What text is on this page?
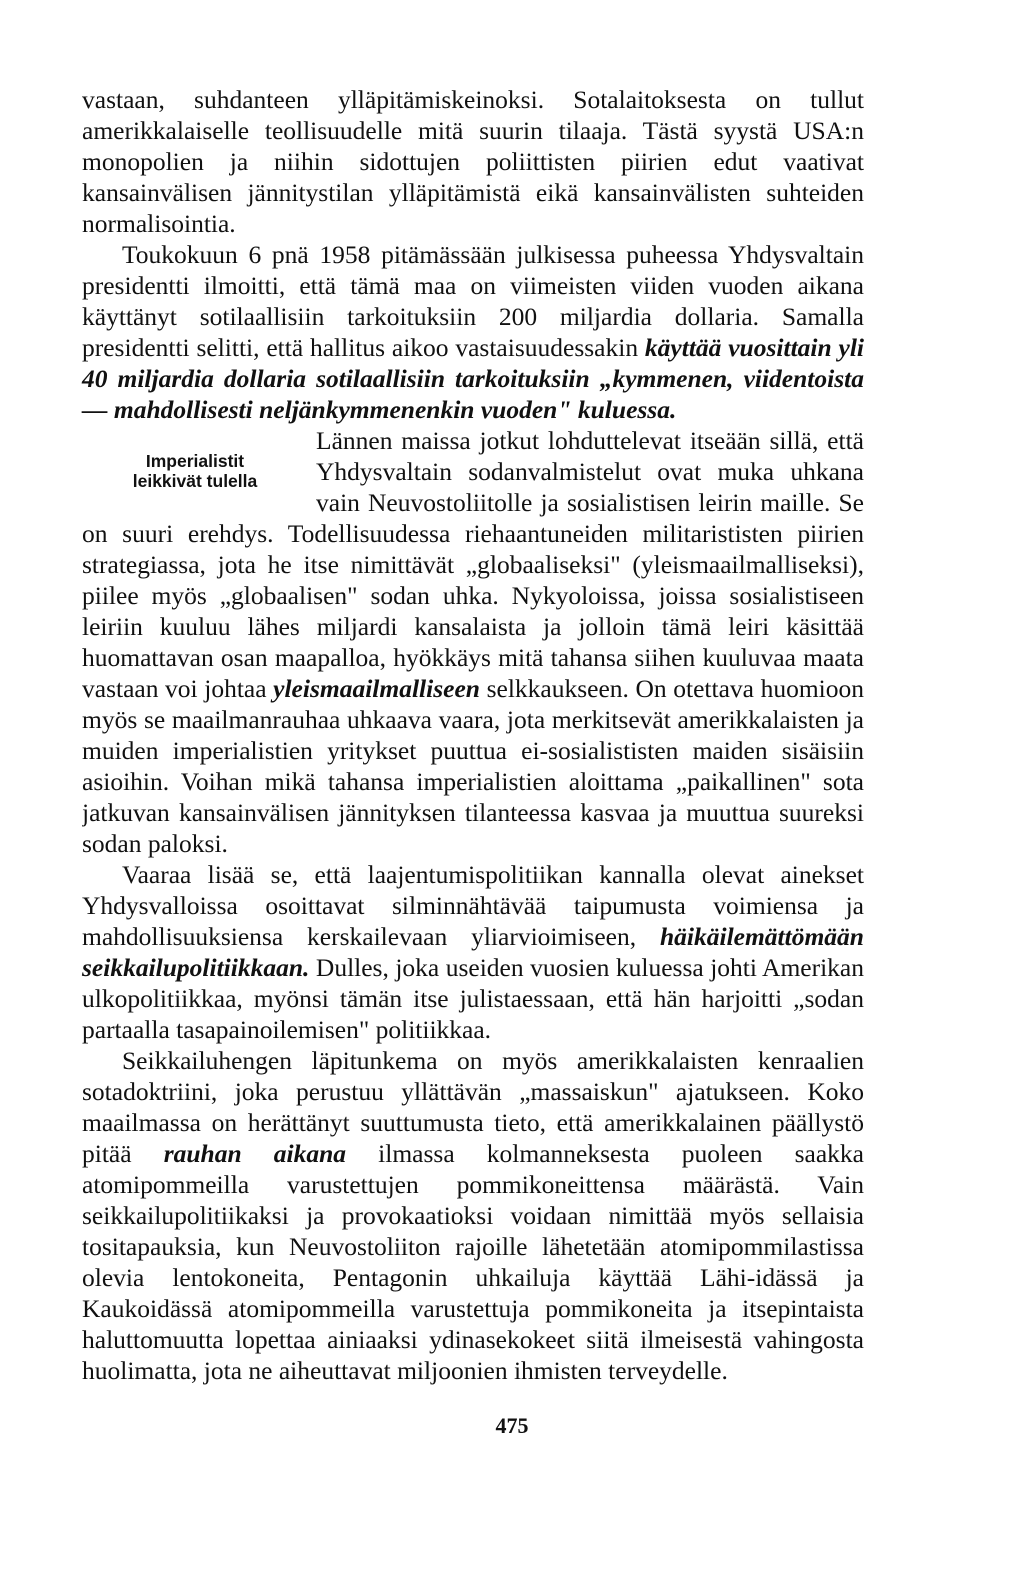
vastaan, suhdanteen ylläpitämiskeinoksi. Sotalaitoksesta on tullut amerikkalaiselle teollisuudelle mitä suurin tilaaja. Tästä syystä USA:n monopolien ja niihin sidottujen poliittisten piirien edut vaativat kansainvälisen jännitystilan ylläpitämistä eikä kansainvälisten suhteiden normalisointia.

Toukokuun 6 pnä 1958 pitämässään julkisessa puheessa Yhdysvaltain presidentti ilmoitti, että tämä maa on viimeisten viiden vuoden aikana käyttänyt sotilaallisiin tarkoituksiin 200 miljardia dollaria. Samalla presidentti selitti, että hallitus aikoo vastaisuudessakin käyttää vuosittain yli 40 miljardia dollaria sotilaallisiin tarkoituksiin „kymmenen, viidentoista — mahdollisesti neljänkymmenenkin vuoden" kuluessa.

Imperialistit
leikkivät tulella

Lännen maissa jotkut lohduttelevat itseään sillä, että Yhdysvaltain sodanvalmistelut ovat muka uhkana vain Neuvostoliitolle ja sosialistisen leirin maille. Se on suuri erehdys. Todellisuudessa riehaantuneiden militarististen piirien strategiassa, jota he itse nimittävät „globaaliseksi" (yleismaailmalliseksi), piilee myös „globaalisen" sodan uhka. Nykyoloissa, joissa sosialistiseen leiriin kuuluu lähes miljardi kansalaista ja jolloin tämä leiri käsittää huomattavan osan maapalloa, hyökkäys mitä tahansa siihen kuuluvaa maata vastaan voi johtaa yleismaailmalliseen selkkaukseen. On otettava huomioon myös se maailmanrauhaa uhkaava vaara, jota merkitsevät amerikkalaisten ja muiden imperialistien yritykset puuttua ei-sosialististen maiden sisäisiin asioihin. Voihan mikä tahansa imperialistien aloittama „paikallinen" sota jatkuvan kansainvälisen jännityksen tilanteessa kasvaa ja muuttua suureksi sodan paloksi.

Vaaraa lisää se, että laajentumispolitiikan kannalla olevat ainekset Yhdysvalloissa osoittavat silminnähtävää taipumusta voimiensa ja mahdollisuuksiensa kerskailevaan yliarvioimiseen, häikäilemättömään seikkailupolitiikkaan. Dulles, joka useiden vuosien kuluessa johti Amerikan ulkopolitiikkaa, myönsi tämän itse julistaessaan, että hän harjoitti „sodan partaalla tasapainoilemisen" politiikkaa.

Seikkailuhengen läpitunkema on myös amerikkalaisten kenraalien sotadoktriini, joka perustuu yllättävän „massaiskun" ajatukseen. Koko maailmassa on herättänyt suuttumusta tieto, että amerikkalainen päällystö pitää rauhan aikana ilmassa kolmanneksesta puoleen saakka atomipommeilla varustettujen pommikoneittensa määrästä. Vain seikkailupolitiikaksi ja provokaatioksi voidaan nimittää myös sellaisia tositapauksia, kun Neuvostoliiton rajoille lähetetään atomipommilastissa olevia lentokoneita, Pentagonin uhkailuja käyttää Lähi-idässä ja Kaukoidässä atomipommeilla varustettuja pommikoneita ja itsepintaista haluttomuutta lopettaa ainiaaksi ydinasekokeet siitä ilmeisestä vahingosta huolimatta, jota ne aiheuttavat miljoonien ihmisten terveydelle.

475
